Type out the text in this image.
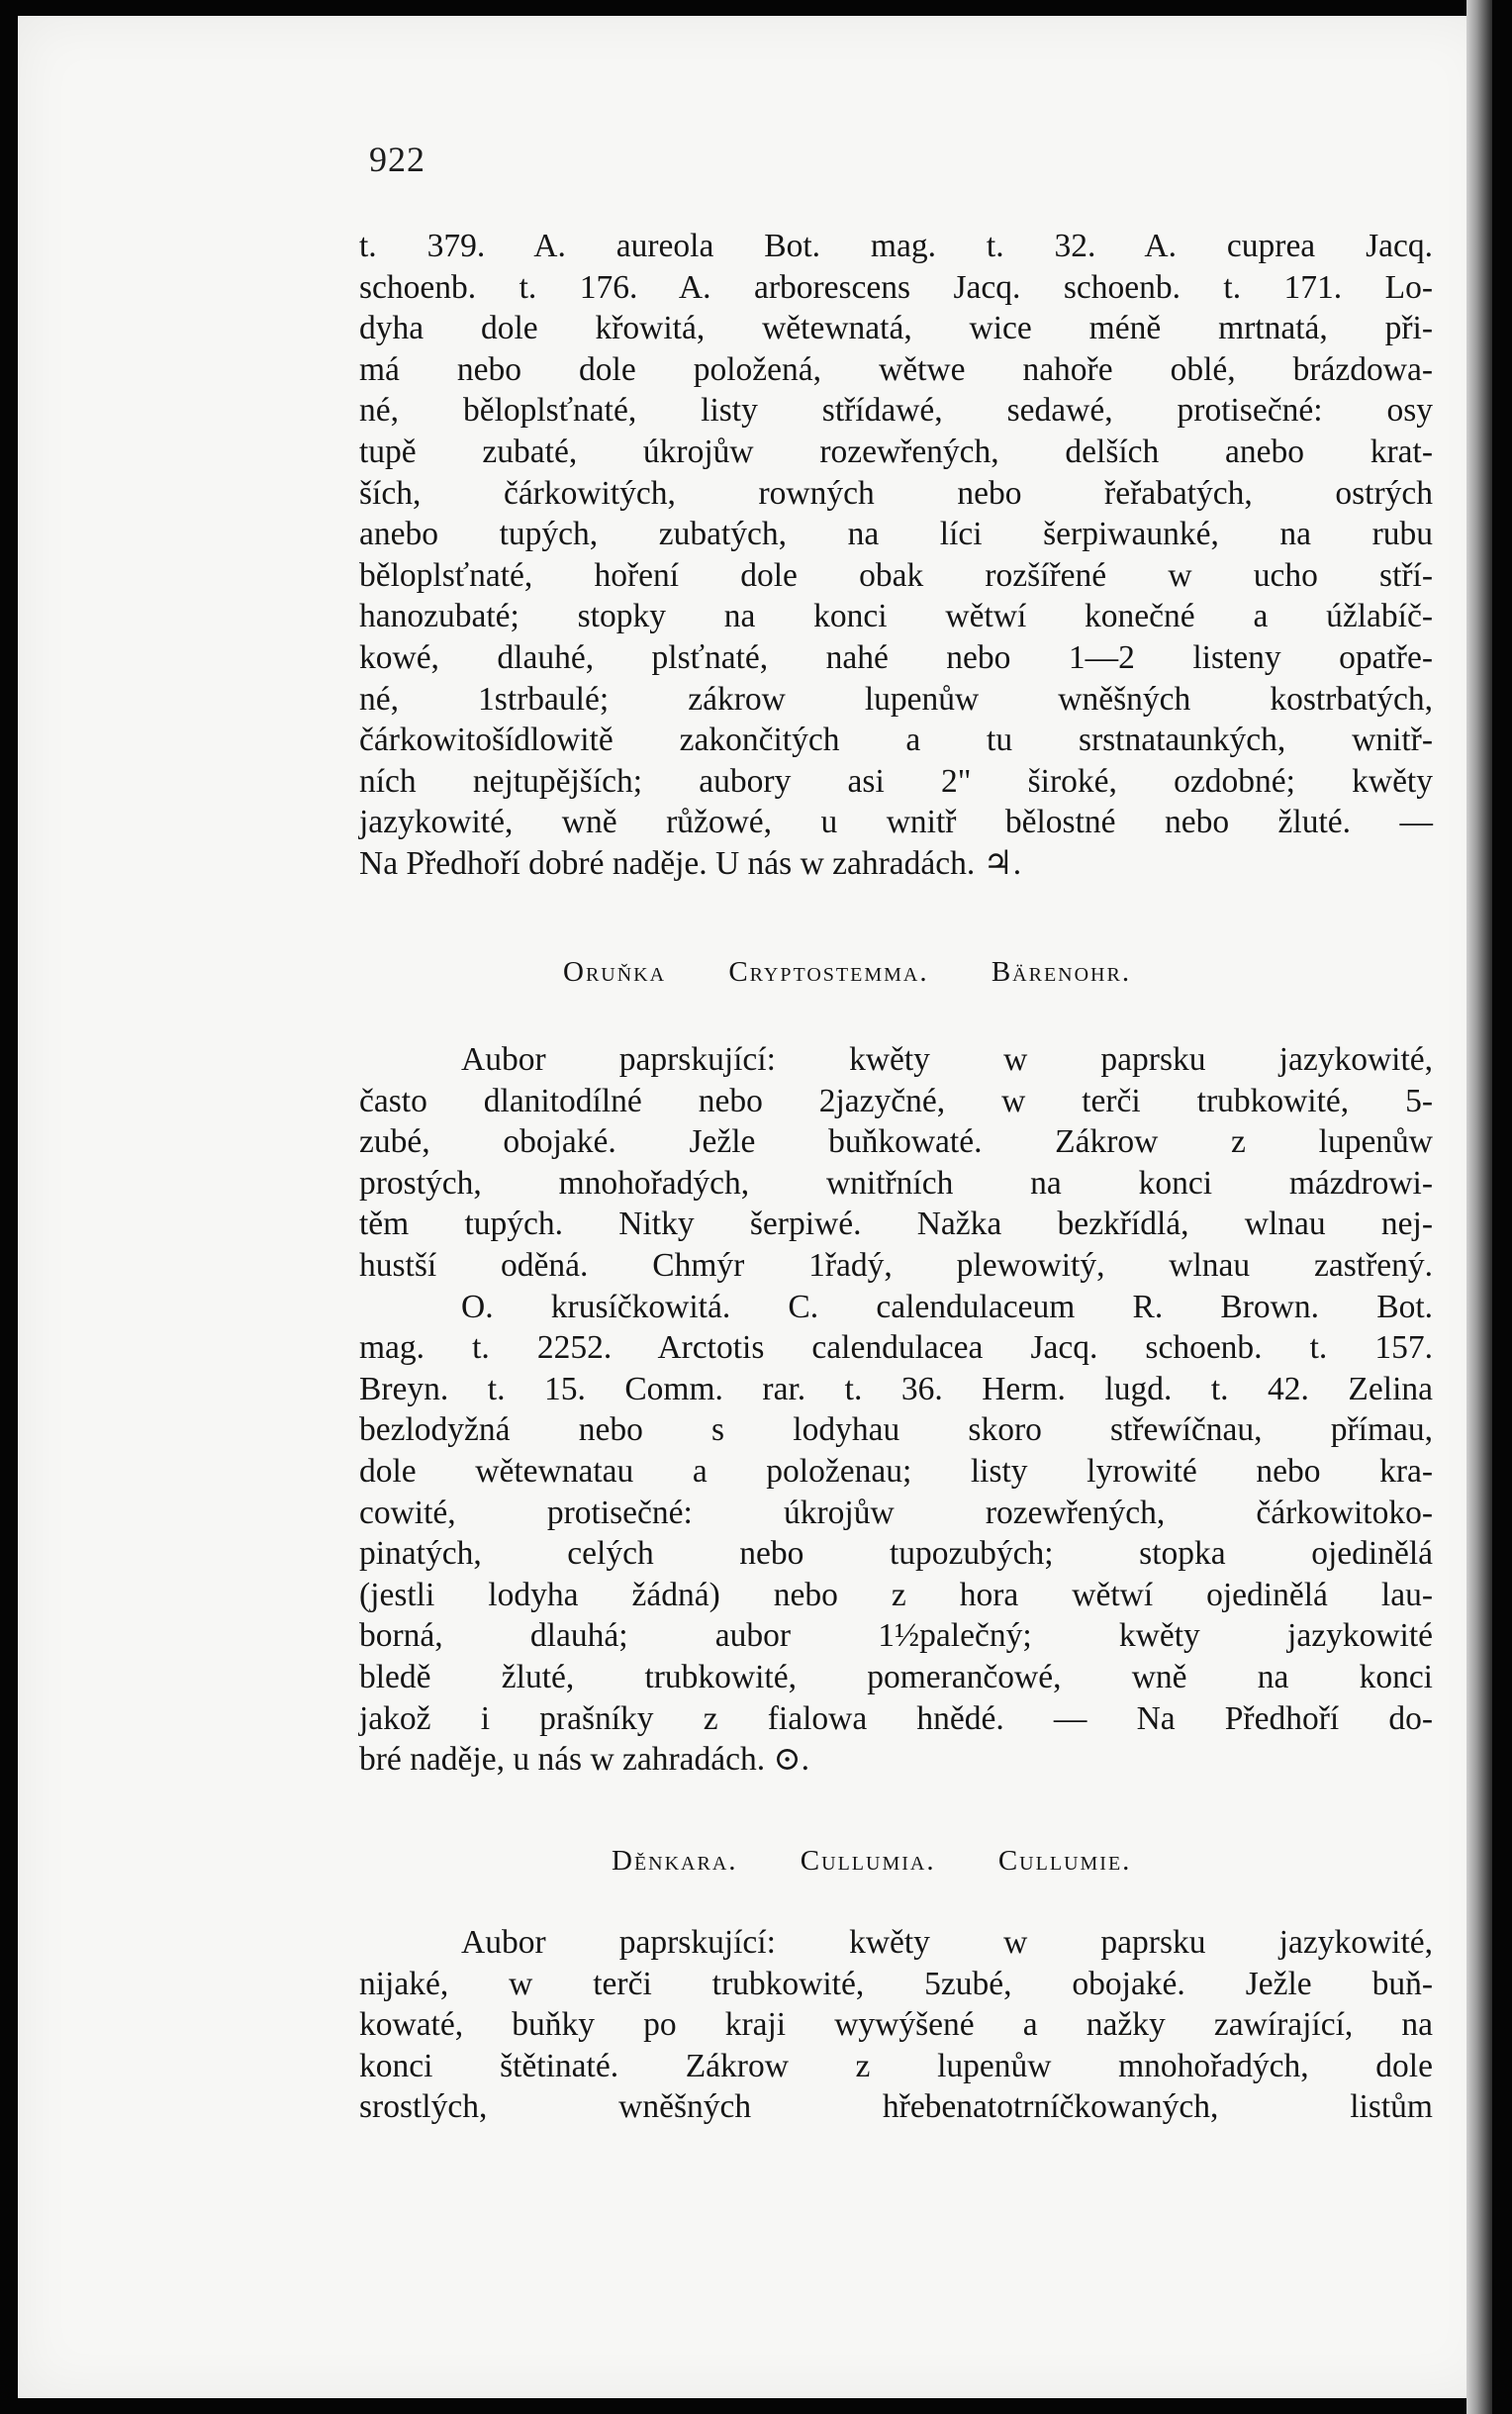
922
t. 379. A. aureola Bot. mag. t. 32. A. cuprea Jacq.
schoenb. t. 176. A. arborescens Jacq. schoenb. t. 171. Lo-
dyha dole křowitá, wětewnatá, wice méně mrtnatá, při-
má nebo dole položená, wětwe nahoře oblé, brázdowa-
né, běloplsťnaté, listy střídawé, sedawé, protisečné: osy
tupě zubaté, úkrojůw rozewřených, delších anebo krat-
ších, čárkowitých, rowných nebo řeřabatých, ostrých
anebo tupých, zubatých, na líci šerpiwaunké, na rubu
běloplsťnaté, hoření dole obak rozšířené w ucho stří-
hanozubaté; stopky na konci wětwí konečné a úžlabíč-
kowé, dlauhé, plsťnaté, nahé nebo 1—2 listeny opatře-
né, 1strbaulé; zákrow lupenůw wněšných kostrbatých,
čárkowitošídlowitě zakončitých a tu srstnataunkých, wnitř-
ních nejtupějších; aubory asi 2" široké, ozdobné; kwěty
jazykowité, wně růžowé, u wnitř bělostné nebo žluté. —
Na Předhoří dobré naděje. U nás w zahradách. ♃.
Oruňka Cryptostemma. Bärenohr.
Aubor paprskující: kwěty w paprsku jazykowité,
často dlanitodílné nebo 2jazyčné, w terči trubkowité, 5-
zubé, obojaké. Ježle buňkowaté. Zákrow z lupenůw
prostých, mnohořadých, wnitřních na konci mázdrowi-
těm tupých. Nitky šerpiwé. Nažka bezkřídlá, wlnau nej-
hustší oděná. Chmýr 1řadý, plewowitý, wlnau zastřený.
O. krusíčkowitá. C. calendulaceum R. Brown. Bot.
mag. t. 2252. Arctotis calendulacea Jacq. schoenb. t. 157.
Breyn. t. 15. Comm. rar. t. 36. Herm. lugd. t. 42. Zelina
bezlodyžná nebo s lodyhau skoro střewíčnau, přímau,
dole wětewnatau a položenau; listy lyrowité nebo kra-
cowité, protisečné: úkrojůw rozewřených, čárkowitoko-
pinatých, celých nebo tupozubých; stopka ojedinělá
(jestli lodyha žádná) nebo z hora wětwí ojedinělá lau-
borná, dlauhá; aubor 1½palečný; kwěty jazykowité
bledě žluté, trubkowité, pomerančowé, wně na konci
jakož i prašníky z fialowa hnědé. — Na Předhoří do-
bré naděje, u nás w zahradách. ⊙.
Děnkara. Cullumia. Cullumie.
Aubor paprskující: kwěty w paprsku jazykowité,
nijaké, w terči trubkowité, 5zubé, obojaké. Ježle buň-
kowaté, buňky po kraji wywýšené a nažky zawírající, na
konci štětinaté. Zákrow z lupenůw mnohořadých, dole
srostlých, wněšných hřebenatotrníčkowaných, listům
